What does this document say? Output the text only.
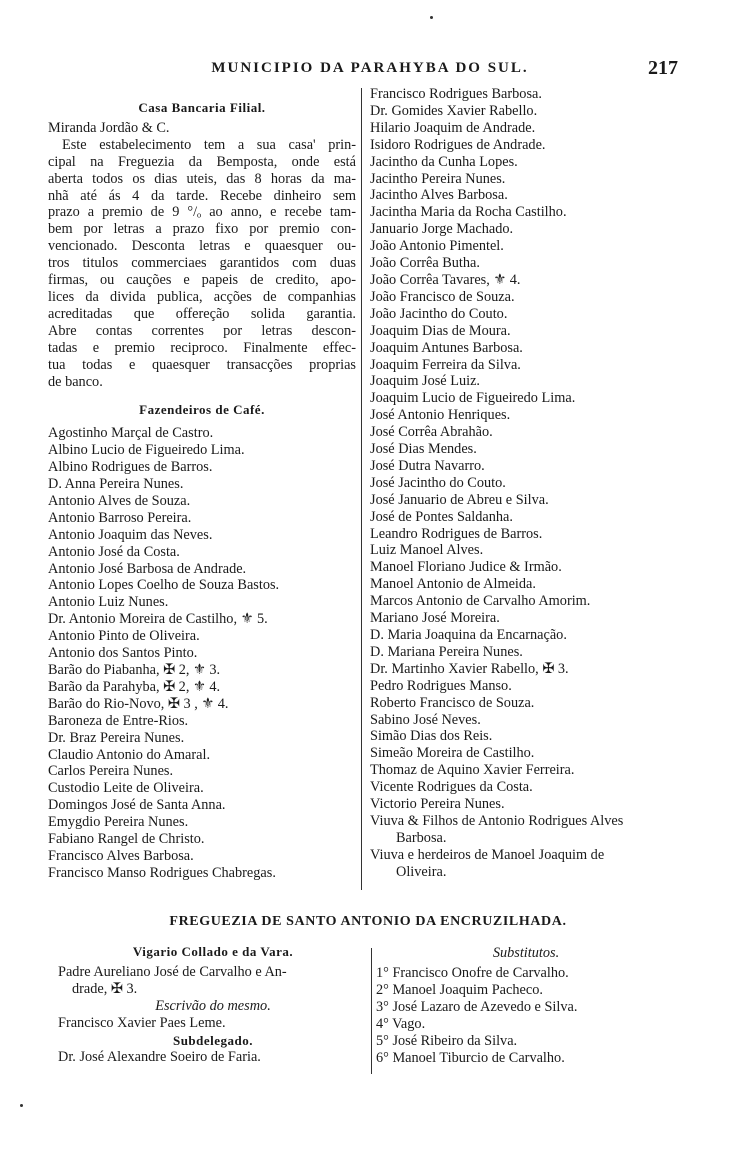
MUNICIPIO DA PARAHYBA DO SUL.	217
Casa Bancaria Filial.
Miranda Jordão & C.
Este estabelecimento tem a sua casa' prin-
cipal na Freguezia da Bemposta, onde está
aberta todos os dias uteis, das 8 horas da ma-
nhã até ás 4 da tarde. Recebe dinheiro sem
prazo a premio de 9 °/ₒ ao anno, e recebe tam-
bem por letras a prazo fixo por premio con-
vencionado. Desconta letras e quaesquer ou-
tros titulos commerciaes garantidos com duas
firmas, ou cauções e papeis de credito, apo-
lices da divida publica, acções de companhias
acreditadas que offereção solida garantia.
Abre contas correntes por letras descon-
tadas e premio reciproco. Finalmente effec-
tua todas e quaesquer transacções proprias
de banco.
Fazendeiros de Café.
Agostinho Marçal de Castro.
Albino Lucio de Figueiredo Lima.
Albino Rodrigues de Barros.
D. Anna Pereira Nunes.
Antonio Alves de Souza.
Antonio Barroso Pereira.
Antonio Joaquim das Neves.
Antonio José da Costa.
Antonio José Barbosa de Andrade.
Antonio Lopes Coelho de Souza Bastos.
Antonio Luiz Nunes.
Dr. Antonio Moreira de Castilho, ⚜ 5.
Antonio Pinto de Oliveira.
Antonio dos Santos Pinto.
Barão do Piabanha, ✠ 2, ⚜ 3.
Barão da Parahyba, ✠ 2, ⚜ 4.
Barão do Rio-Novo, ✠ 3 , ⚜ 4.
Baroneza de Entre-Rios.
Dr. Braz Pereira Nunes.
Claudio Antonio do Amaral.
Carlos Pereira Nunes.
Custodio Leite de Oliveira.
Domingos José de Santa Anna.
Emygdio Pereira Nunes.
Fabiano Rangel de Christo.
Francisco Alves Barbosa.
Francisco Manso Rodrigues Chabregas.
Francisco Rodrigues Barbosa.
Dr. Gomides Xavier Rabello.
Hilario Joaquim de Andrade.
Isidoro Rodrigues de Andrade.
Jacintho da Cunha Lopes.
Jacintho Pereira Nunes.
Jacintho Alves Barbosa.
Jacintha Maria da Rocha Castilho.
Januario Jorge Machado.
João Antonio Pimentel.
João Corrêa Butha.
João Corrêa Tavares, ⚜ 4.
João Francisco de Souza.
João Jacintho do Couto.
Joaquim Dias de Moura.
Joaquim Antunes Barbosa.
Joaquim Ferreira da Silva.
Joaquim José Luiz.
Joaquim Lucio de Figueiredo Lima.
José Antonio Henriques.
José Corrêa Abrahão.
José Dias Mendes.
José Dutra Navarro.
José Jacintho do Couto.
José Januario de Abreu e Silva.
José de Pontes Saldanha.
Leandro Rodrigues de Barros.
Luiz Manoel Alves.
Manoel Floriano Judice & Irmão.
Manoel Antonio de Almeida.
Marcos Antonio de Carvalho Amorim.
Mariano José Moreira.
D. Maria Joaquina da Encarnação.
D. Mariana Pereira Nunes.
Dr. Martinho Xavier Rabello, ✠ 3.
Pedro Rodrigues Manso.
Roberto Francisco de Souza.
Sabino José Neves.
Simão Dias dos Reis.
Simeão Moreira de Castilho.
Thomaz de Aquino Xavier Ferreira.
Vicente Rodrigues da Costa.
Victorio Pereira Nunes.
Viuva & Filhos de Antonio Rodrigues Alves
Barbosa.
Viuva e herdeiros de Manoel Joaquim de
Oliveira.
FREGUEZIA DE SANTO ANTONIO DA ENCRUZILHADA.
Vigario Collado e da Vara.
Padre Aureliano José de Carvalho e An-
drade, ✠ 3.
Escrivão do mesmo.
Francisco Xavier Paes Leme.
Subdelegado.
Dr. José Alexandre Soeiro de Faria.
Substitutos.
1° Francisco Onofre de Carvalho.
2° Manoel Joaquim Pacheco.
3° José Lazaro de Azevedo e Silva.
4° Vago.
5° José Ribeiro da Silva.
6° Manoel Tiburcio de Carvalho.
